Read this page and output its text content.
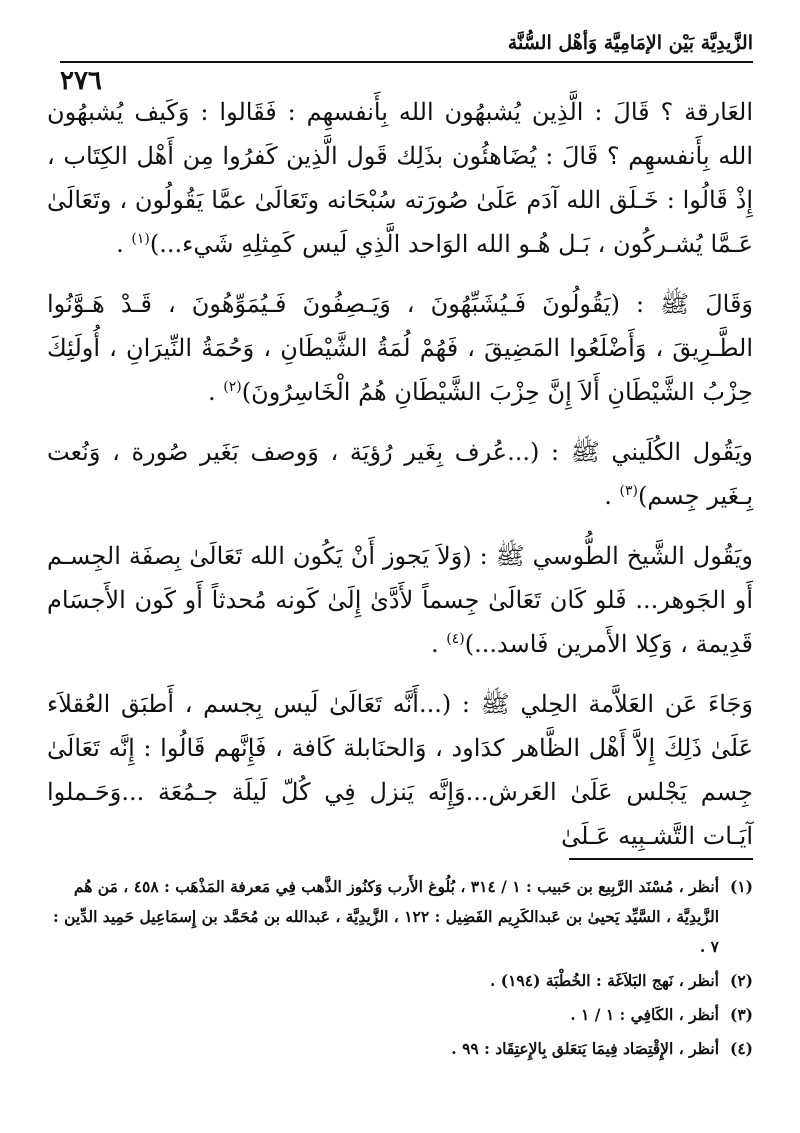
الزَّيدِيَّة بَيْن الإمَامِيَّة وَأهْل السُّنَّة
٢٧٦

العَارقة ؟ قَالَ : الَّذِين يُشبهُون الله بِأَنفسهِم : فَقَالوا : وَكَيف يُشبهُون الله بِأَنفسهِم ؟ قَالَ : يُضَاهئُون بذَلِك قَول الَّذِين كَفرُوا مِن أَهْل الكِتَاب ، إِذْ قَالُوا : خَـلَق الله آدَم عَلَىٰ صُورَته سُبْحَانه وتَعَالَىٰ عمَّا يَقُولُون ، وتَعَالَىٰ عَـمَّا يُشـركُون ، بَـل هُـو الله الوَاحد الَّذِي لَيس كَمِثلِهِ شَيء...)$^{(١)}$ .

وَقَالَ ﷺ : (يَقُولُونَ فَـيُشَبِّهُونَ ، وَيَـصِفُونَ فَـيُمَوِّهُونَ ، قَـدْ هَـوَّنُوا الطَّـرِيقَ ، وَأَضْلَعُوا المَضِيقَ ، فَهُمْ لُمَةُ الشَّيْطَانِ ، وَحُمَةُ النِّيرَانِ ، أُولَئِكَ حِزْبُ الشَّيْطَانِ أَلاَ إِنَّ حِزْبَ الشَّيْطَانِ هُمُ الْخَاسِرُونَ)$^{(٢)}$ .

ويَقُول الكُلَيني ﷺ : (...عُرف بِغَير رُؤيَة ، وَوصف بَغَير صُورة ، وَنُعت بِـغَير جِسم)$^{(٣)}$ .

ويَقُول الشَّيخ الطُّوسي ﷺ : (وَلاَ يَجوز أَنْ يَكُون الله تَعَالَىٰ بِصفَة الجِسـم أَو الجَوهر... فَلو كَان تَعَالَىٰ جِسماً لأَدَّىٰ إِلَىٰ كَونه مُحدثاً أَو كَون الأَجسَام قَدِيمة ، وَكِلا الأَمرين فَاسد...)$^{(٤)}$ .

وَجَاءَ عَن العَلاَّمة الحِلي ﷺ : (...أَنَّه تَعَالَىٰ لَيس بِجسم ، أَطبَق العُقلاَء عَلَىٰ ذَلِكَ إِلاَّ أَهْل الظَّاهر كدَاود ، وَالحنَابلة كَافة ، فَإِنَّهم قَالُوا : إِنَّه تَعَالَىٰ جِسم يَجْلس عَلَىٰ العَرش...وَإِنَّه يَنزل فِي كُلّ لَيلَة جـمُعَة ...وَحَـملوا آيَـات التَّشـبِيه عَـلَىٰ

(١)
أنظر ، مُسْنَد الرَّبِيع بن حَبيب : ١ / ٣١٤ ، بُلُوغ الأَرب وَكنُوز الذَّهب فِي مَعرفة المَذْهَب : ٤٥٨ ، مَن هُم الزَّيدِيَّة ، السَّيِّد يَحيىٰ بن عَبدالكَرِيم الفَضِيل : ١٢٢ ، الزَّيدِيَّة ، عَبدالله بن مُحَمَّد بن إِسمَاعِيل حَمِيد الدِّين : ٧ .
(٢)
أنظر ، نَهج البَلاَغَة : الخُطْبَة (١٩٤) .
(٣)
أنظر ، الكَافِي : ١ / ١ .
(٤)
أنظر ، الإِقْتِصَاد فِيمَا يَتعَلق بِالإِعتِقَاد : ٩٩ .
